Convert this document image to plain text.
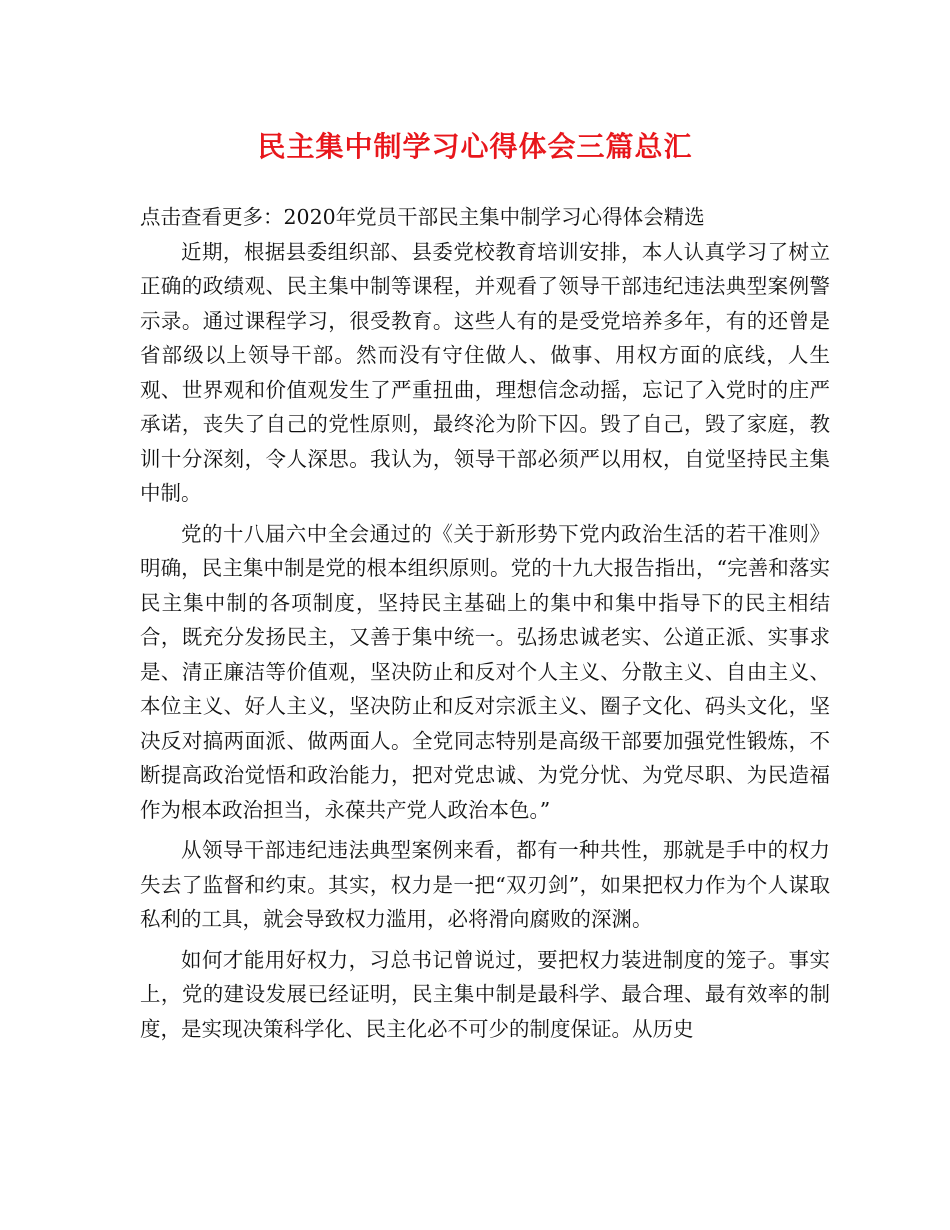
民主集中制学习心得体会三篇总汇

点击查看更多：2020年党员干部民主集中制学习心得体会精选

近期，根据县委组织部、县委党校教育培训安排，本人认真学习了树立正确的政绩观、民主集中制等课程，并观看了领导干部违纪违法典型案例警示录。通过课程学习，很受教育。这些人有的是受党培养多年，有的还曾是省部级以上领导干部。然而没有守住做人、做事、用权方面的底线，人生观、世界观和价值观发生了严重扭曲，理想信念动摇，忘记了入党时的庄严承诺，丧失了自己的党性原则，最终沦为阶下囚。毁了自己，毁了家庭，教训十分深刻，令人深思。我认为，领导干部必须严以用权，自觉坚持民主集中制。

党的十八届六中全会通过的《关于新形势下党内政治生活的若干准则》明确，民主集中制是党的根本组织原则。党的十九大报告指出，“完善和落实民主集中制的各项制度，坚持民主基础上的集中和集中指导下的民主相结合，既充分发扬民主，又善于集中统一。弘扬忠诚老实、公道正派、实事求是、清正廉洁等价值观，坚决防止和反对个人主义、分散主义、自由主义、本位主义、好人主义，坚决防止和反对宗派主义、圈子文化、码头文化，坚决反对搞两面派、做两面人。全党同志特别是高级干部要加强党性锻炼，不断提高政治觉悟和政治能力，把对党忠诚、为党分忧、为党尽职、为民造福作为根本政治担当，永葆共产党人政治本色。”

从领导干部违纪违法典型案例来看，都有一种共性，那就是手中的权力失去了监督和约束。其实，权力是一把“双刃剑”，如果把权力作为个人谋取私利的工具，就会导致权力滥用，必将滑向腐败的深渊。

如何才能用好权力，习总书记曾说过，要把权力装进制度的笼子。事实上，党的建设发展已经证明，民主集中制是最科学、最合理、最有效率的制度，是实现决策科学化、民主化必不可少的制度保证。从历史
